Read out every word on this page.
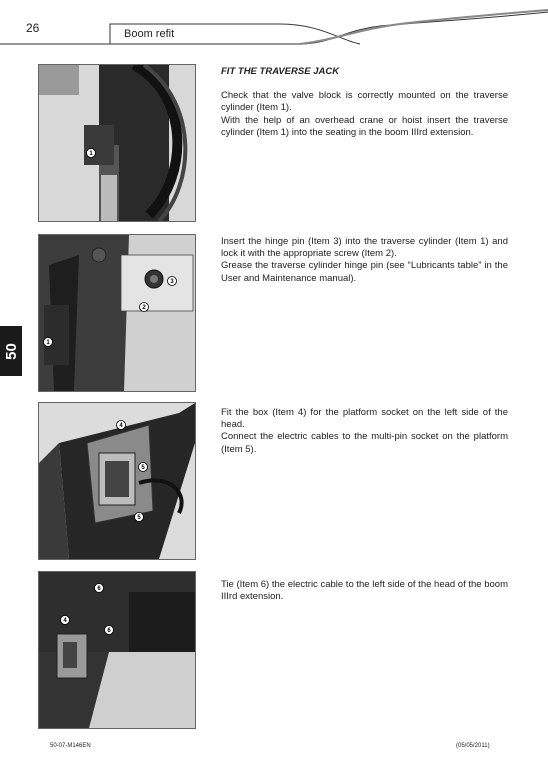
26	Boom refit
50
1
3
2
1
4
5
5
6
4
6

FIT THE TRAVERSE JACK

Check that the valve block is correctly mounted on the traverse cylinder (Item 1).

With the help of an overhead crane or hoist insert the traverse cylinder (Item 1) into the seating in the boom IIIrd extension.

Insert the hinge pin (Item 3) into the traverse cylinder (Item 1) and lock it with the appropriate screw (Item 2).

Grease the traverse cylinder hinge pin (see “Lubricants table” in the User and Maintenance manual).

Fit the box (Item 4) for the platform socket on the left side of the head.

Connect the electric cables to the multi-pin socket on the platform (Item 5).

Tie (Item 6) the electric cable to the left side of the head of the boom IIIrd extension.

50-07-M146EN	(05/05/2011)
